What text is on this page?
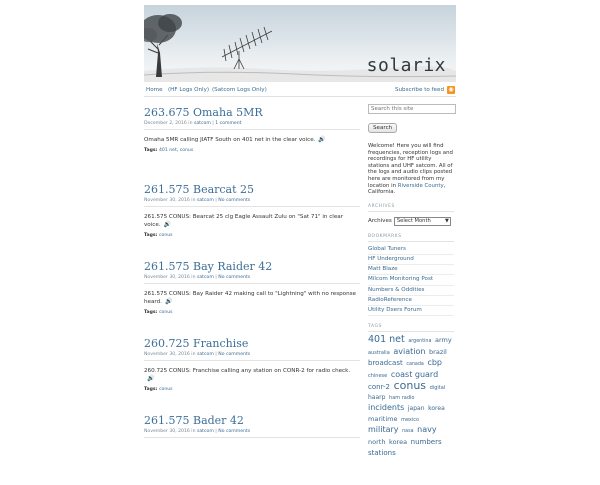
solarix
Home (HF Logs Only) (Satcom Logs Only)	Subscribe to feed ◉
263.675 Omaha 5MR
December 2, 2016 in satcom | 1 comment
Omaha 5MR calling JIATF South on 401 net in the clear voice. 🔊
Tags: 401 net, conus
261.575 Bearcat 25
November 30, 2016 in satcom | No comments
261.575 CONUS: Bearcat 25 clg Eagle Assault Zulu on "Sat 71" in clear voice. 🔊
Tags: conus
261.575 Bay Raider 42
November 30, 2016 in satcom | No comments
261.575 CONUS: Bay Raider 42 making call to "Lightning" with no response heard. 🔊
Tags: conus
260.725 Franchise
November 30, 2016 in satcom | No comments
260.725 CONUS: Franchise calling any station on CONR-2 for radio check.🔊
Tags: conus
261.575 Bader 42
November 30, 2016 in satcom | No comments
Search this site Search
Welcome! Here you will find frequencies, reception logs and recordings for HF utility stations and UHF satcom. All of the logs and audio clips posted here are monitored from my location in Riverside County, California.
ARCHIVES
Archives Select Month	▼
BOOKMARKS
Global Tuners
HF Underground
Matt Blaze
Milcom Monitoring Post
Numbers & Oddities
RadioReference
Utility Dxers Forum
TAGS
401 net argentina army australia aviation brazil broadcast canada cbp chinese coast guard conr-2 conus digital haarp ham radio incidents japan korea maritime mexico military nasa navy north korea numbers stations
